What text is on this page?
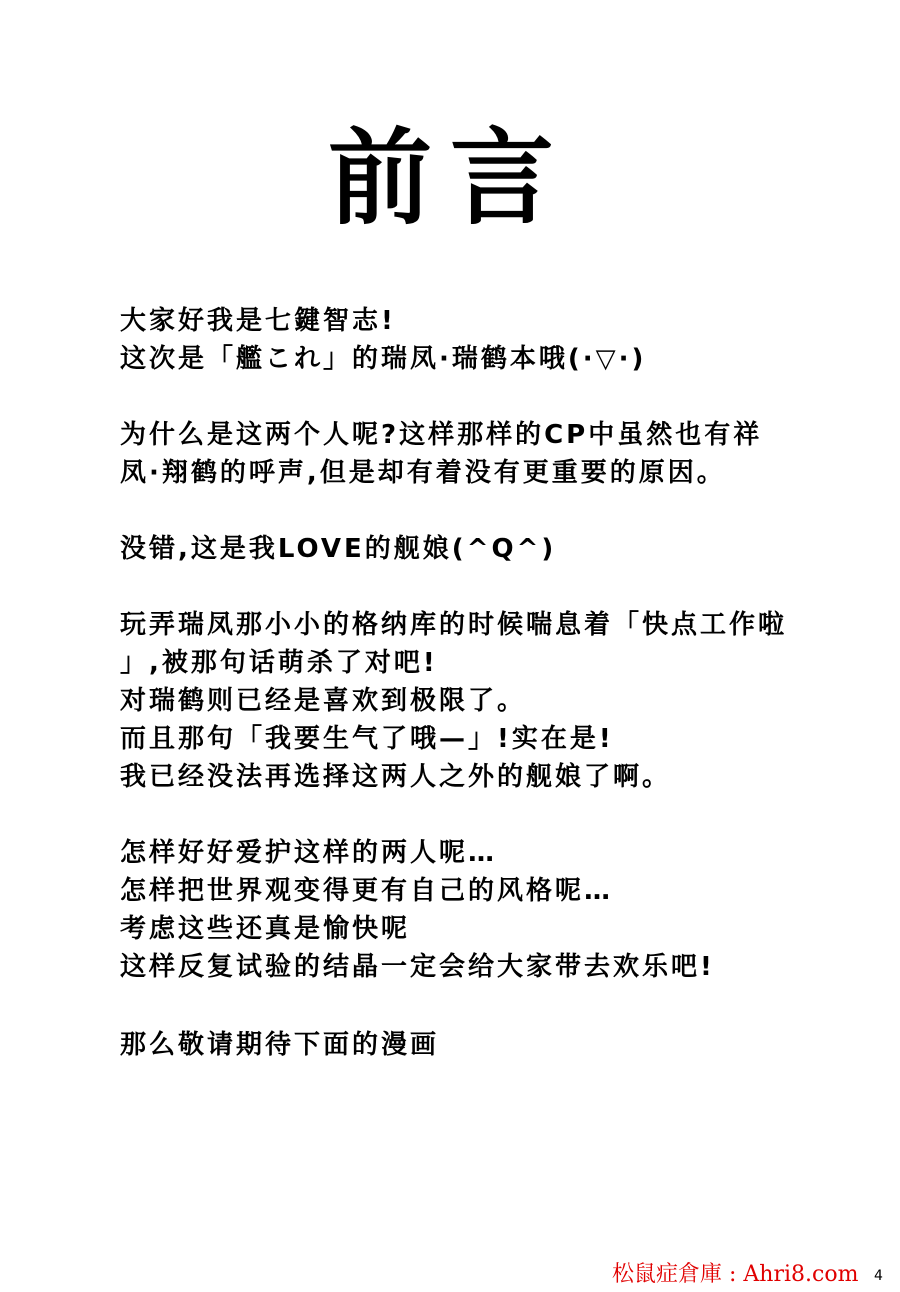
前言
大家好我是七鍵智志!
这次是「艦これ」的瑞凤·瑞鹤本哦(·▽·)
为什么是这两个人呢?这样那样的CP中虽然也有祥
凤·翔鹤的呼声,但是却有着没有更重要的原因。
没错,这是我LOVE的舰娘(^Q^)
玩弄瑞凤那小小的格纳库的时候喘息着「快点工作啦
」,被那句话萌杀了对吧!
对瑞鹤则已经是喜欢到极限了。
而且那句「我要生气了哦—」!实在是!
我已经没法再选择这两人之外的舰娘了啊。
怎样好好爱护这样的两人呢…
怎样把世界观变得更有自己的风格呢…
考虑这些还真是愉快呢
这样反复试验的结晶一定会给大家带去欢乐吧!
那么敬请期待下面的漫画
松鼠症倉庫 : Ahri8.com 4
